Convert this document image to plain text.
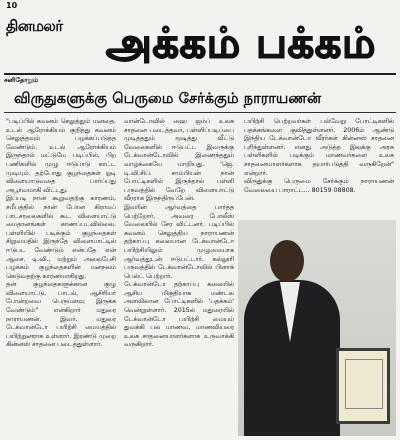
10
தினமலர் அக்கம் பக்கம்
சனிதோறும்
விருதுகளுக்கு பெருமை சேர்க்கும் நாராயணன்

"படிப்பில் கவனம் செலுத்தும் மனதை, உடல் ஆரோக்கியம் குறித்து கவனம் செலுத்தவும் பழக்கப்படுத்த வேண்டும். உடல் ஆரோக்கியம் இருந்தால் மட்டுமே படிப்பில், பிற பணிகளில் முழு ஈடுபாடு காட்ட முடியும். தற்போது குழந்தைகள் ஓடி விளையாடுவதை பார்ப்பது அபூர்வமாகி விட்டது.

இப்படி நான் கூறுவதற்கு காரணம், சமீபத்தில் நான் போன கிராமப் பாடசாலைகளில் கூட விளையாட்டு மைதானங்கள் காணப்படவில்லை. பள்ளியில் படிக்கும் குழந்தைகள் சிறுவயதில் இருந்தே விளையாட்டில் ஈடுபட வேண்டும் என்பதே என் ஆசை. டி.வி., மற்றும் அலைபேசி பழக்கம் குழந்தைகளின் மனநலம் கெடுவதற்கு காரணமாகிறது.

தன் குழந்தைகளுக்கான குழு விளையாட்டு, பாடல், ஆசிரியர் போன்றவை பெருமளவு இருக்க வேண்டும்" என்கிறார் மதுரை நாராயணன். இவர், மதுரை டேக்வான்டோ பயிற்சி மையத்தில் பயிற்றுனராக உள்ளார். இரண்டு முறை கின்னஸ் சாதனை படைத்துள்ளார்.

வான்டோவில் ஹை ஜம்ப் உலக சாதனை படைத்தவர், பள்ளிப்படிப்பை முடித்ததும் மூடித்து வீட்டு வேலைகளில் ஈடுபட்ட இவருக்கு டேக்வான்டோவில் இணைந்ததும் வாழ்க்கையே மாறியது. 'ஜெ. டி.வி.சிப். சாம்பியன் நான் போட்டிகளில் இருந்தால் பள்ளி பருவத்தில் வேறே விளையாட்டு வீரராக இருந்திருப்பேன்.

இவரின் ஆர்வத்தை பார்த்த பெற்றோர், அவரை போலீஸ் வேலையில் சேர விட்டனர். படிப்பில் கவனம் செலுத்திய நாராயணன் தற்காப்பு கலையான டேக்வான்டோ பயிற்சியிலும் முழுமையாக ஆர்வத்துடன் ஈடுபட்டார். கல்லூரி பருவத்தில் டேக்வான்டோவில் பிளாக் பெல்ட் பெற்றார்.

டேக்வான்டோ தற்காப்பு கலையில் ஆசிய மிகுதியாக மண்டல அளவிலான போட்டிகளில் 'பதக்கம்' வென்றுள்ளார். 2015ல் மதுரையில் டேக்வான்டோ பயிற்சி மையம் துவக்கி பல மாணவ, மாணவியரை உலக சாதனையாளர்களாக உருவாக்கி வருகிறார்.

பயிற்சி பெற்றவர்கள் பல்வேறு போட்டிகளில் பதக்கங்களை குவித்துள்ளனர். 2006ம் ஆண்டு இந்திய டேக்வான்டோ வீரர்கள் கின்னஸ் சாதனை புரிந்துள்ளனர். எனது அடுத்த இலக்கு அரசு பள்ளிகளில் படிக்கும் மாணவர்களை உலக சாதனையாளர்களாக தயார்படுத்தி வருகிறேன்" என்றார்.

விருதுக்கு பெருமை சேர்க்கும் நாராயணன் வேலையை பாராட்ட... 80159 08808.
